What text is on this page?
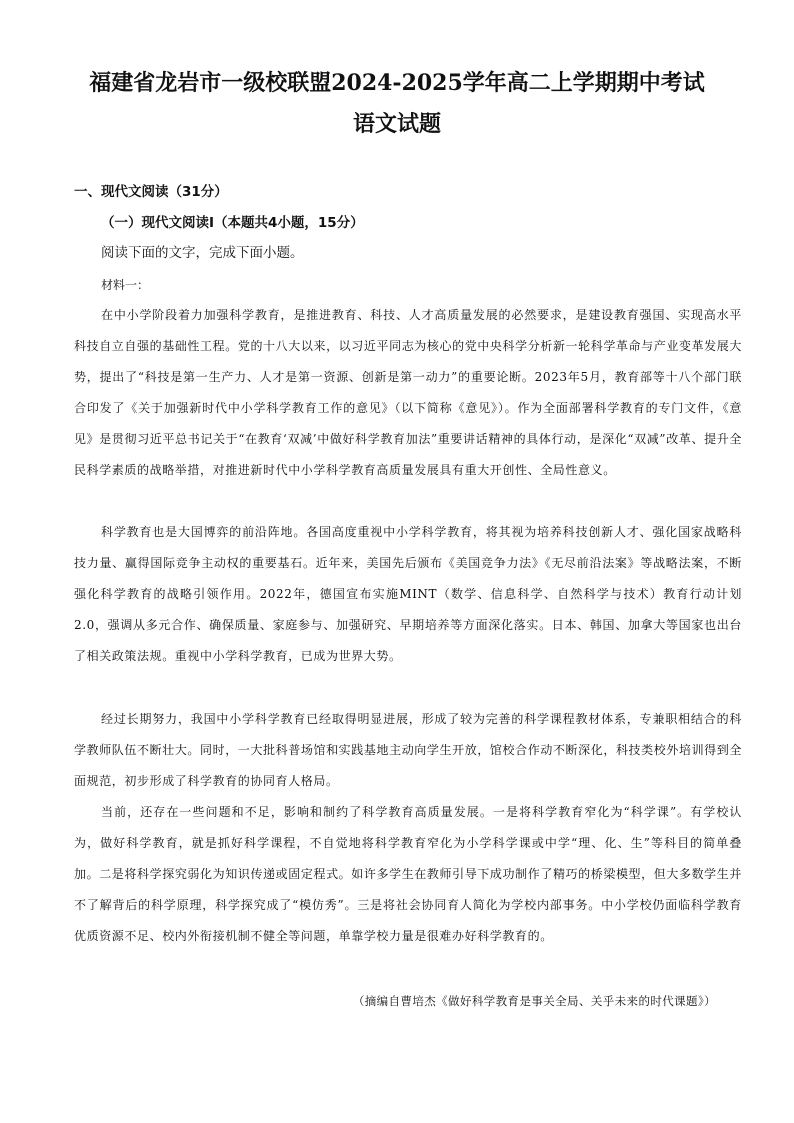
福建省龙岩市一级校联盟2024-2025学年高二上学期期中考试
语文试题
一、现代文阅读（31分）
（一）现代文阅读Ⅰ（本题共4小题，15分）
阅读下面的文字，完成下面小题。
材料一：
在中小学阶段着力加强科学教育，是推进教育、科技、人才高质量发展的必然要求，是建设教育强国、实现高水平科技自立自强的基础性工程。党的十八大以来，以习近平同志为核心的党中央科学分析新一轮科学革命与产业变革发展大势，提出了“科技是第一生产力、人才是第一资源、创新是第一动力”的重要论断。2023年5月，教育部等十八个部门联合印发了《关于加强新时代中小学科学教育工作的意见》（以下简称《意见》）。作为全面部署科学教育的专门文件，《意见》是贯彻习近平总书记关于“在教育‘双减’中做好科学教育加法”重要讲话精神的具体行动，是深化“双减”改革、提升全民科学素质的战略举措，对推进新时代中小学科学教育高质量发展具有重大开创性、全局性意义。
科学教育也是大国博弈的前沿阵地。各国高度重视中小学科学教育，将其视为培养科技创新人才、强化国家战略科技力量、赢得国际竞争主动权的重要基石。近年来，美国先后颁布《美国竞争力法》《无尽前沿法案》等战略法案，不断强化科学教育的战略引领作用。2022年，德国宣布实施MINT（数学、信息科学、自然科学与技术）教育行动计划2.0，强调从多元合作、确保质量、家庭参与、加强研究、早期培养等方面深化落实。日本、韩国、加拿大等国家也出台了相关政策法规。重视中小学科学教育，已成为世界大势。
经过长期努力，我国中小学科学教育已经取得明显进展，形成了较为完善的科学课程教材体系，专兼职相结合的科学教师队伍不断壮大。同时，一大批科普场馆和实践基地主动向学生开放，馆校合作动不断深化，科技类校外培训得到全面规范，初步形成了科学教育的协同育人格局。
当前，还存在一些问题和不足，影响和制约了科学教育高质量发展。一是将科学教育窄化为“科学课”。有学校认为，做好科学教育，就是抓好科学课程，不自觉地将科学教育窄化为小学科学课或中学“理、化、生”等科目的简单叠加。二是将科学探究弱化为知识传递或固定程式。如许多学生在教师引导下成功制作了精巧的桥梁模型，但大多数学生并不了解背后的科学原理，科学探究成了“模仿秀”。三是将社会协同育人简化为学校内部事务。中小学校仍面临科学教育优质资源不足、校内外衔接机制不健全等问题，单靠学校力量是很难办好科学教育的。
（摘编自曹培杰《做好科学教育是事关全局、关乎未来的时代课题》）
